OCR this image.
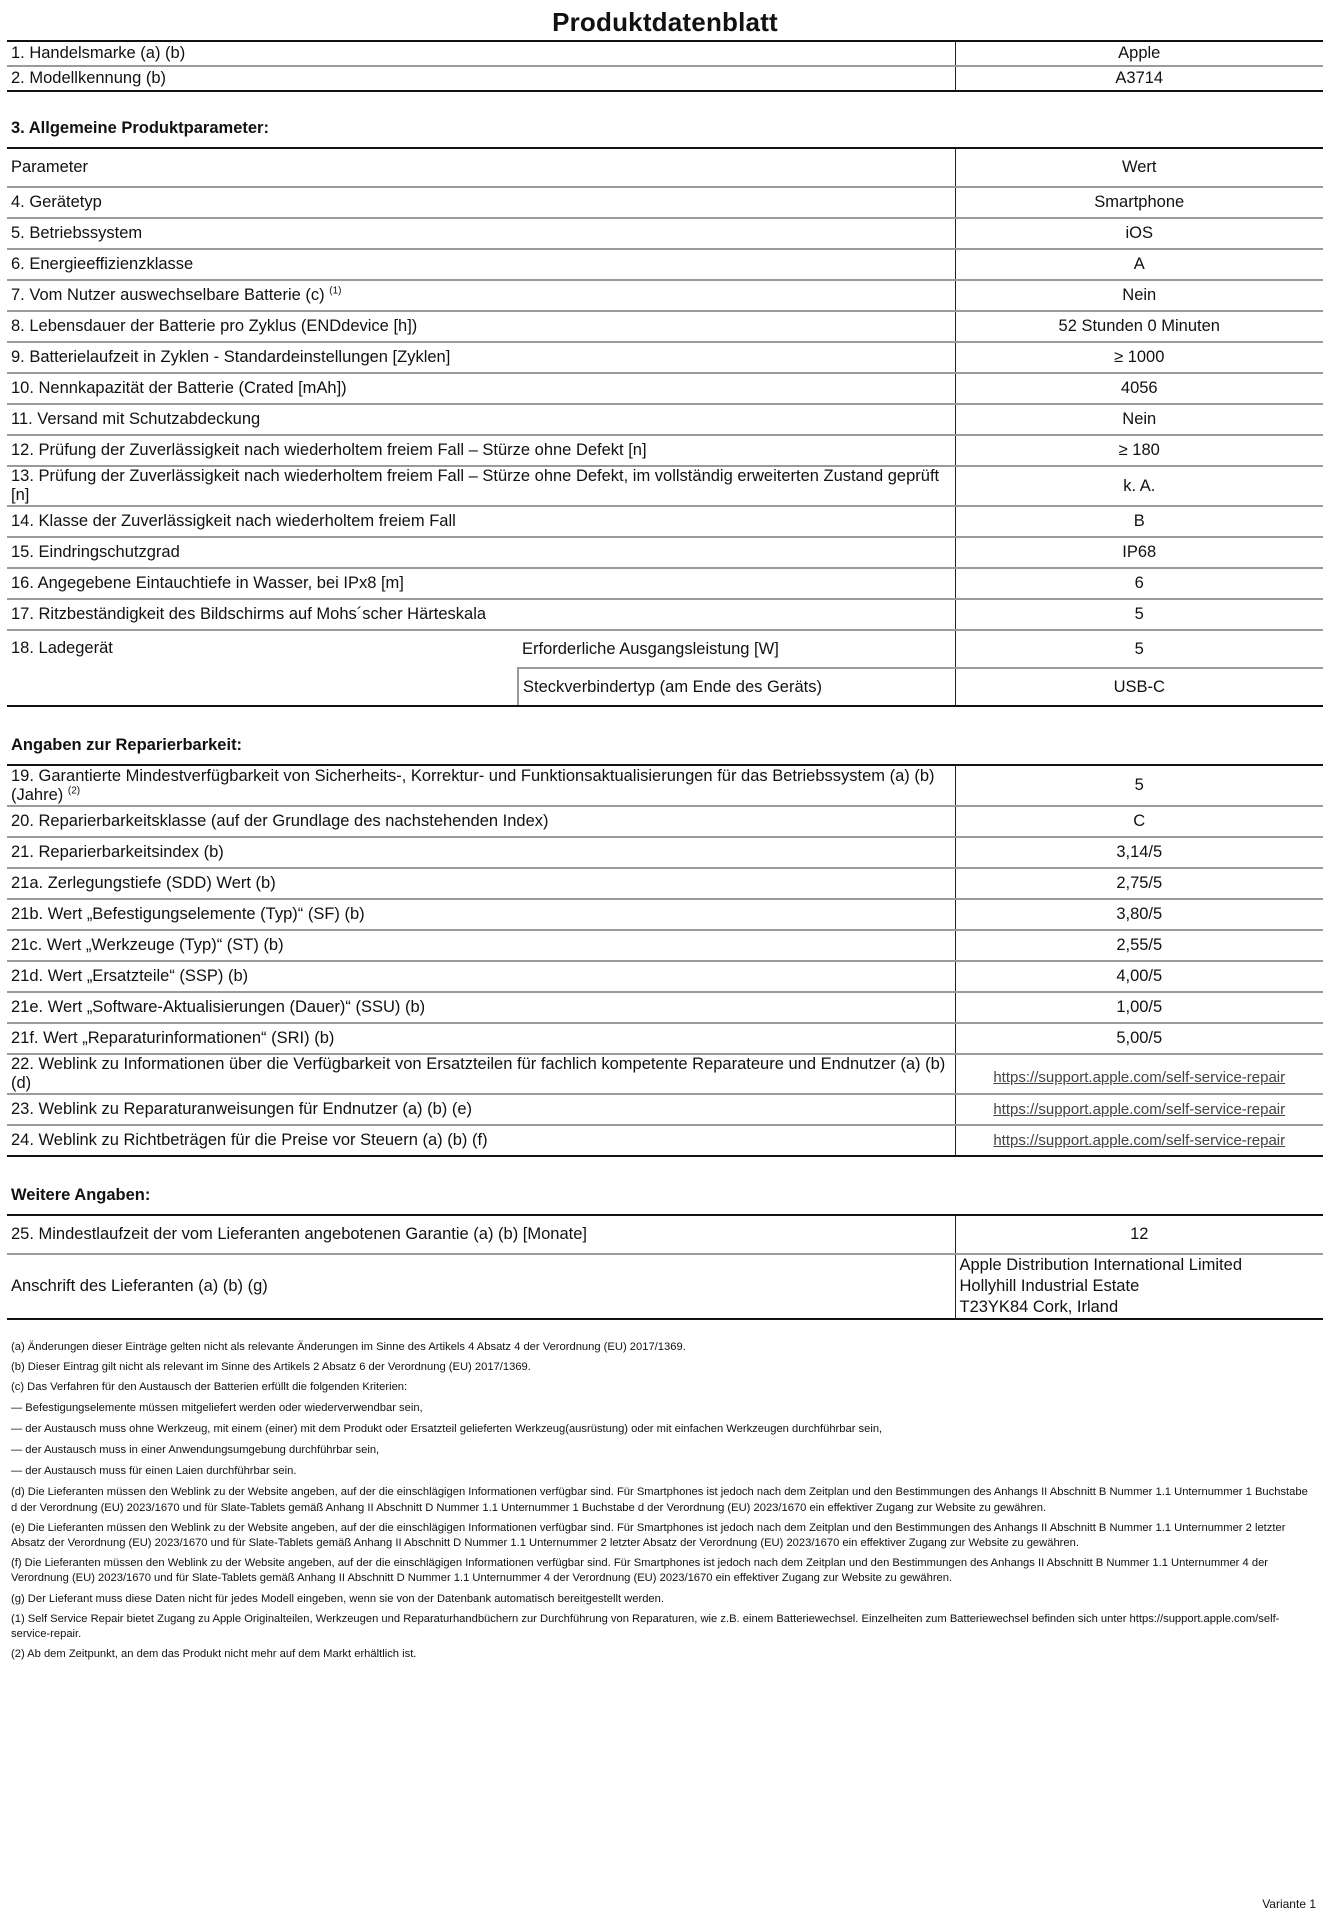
Produktdatenblatt
1. Handelsmarke (a) (b)	Apple
2. Modellkennung (b)	A3714
3. Allgemeine Produktparameter:
Parameter		Wert
4. Gerätetyp		Smartphone
5. Betriebssystem		iOS
6. Energieeffizienzklasse		A
7. Vom Nutzer auswechselbare Batterie (c) $^{(1)}$		Nein
8. Lebensdauer der Batterie pro Zyklus (ENDdevice [h])		52 Stunden 0 Minuten
9. Batterielaufzeit in Zyklen - Standardeinstellungen [Zyklen]		≥ 1000
10. Nennkapazität der Batterie (Crated [mAh])		4056
11. Versand mit Schutzabdeckung		Nein
12. Prüfung der Zuverlässigkeit nach wiederholtem freiem Fall – Stürze ohne Defekt [n]		≥ 180
13. Prüfung der Zuverlässigkeit nach wiederholtem freiem Fall – Stürze ohne Defekt, im vollständig erweiterten Zustand geprüft [n]		k. A.
14. Klasse der Zuverlässigkeit nach wiederholtem freiem Fall		B
15. Eindringschutzgrad		IP68
16. Angegebene Eintauchtiefe in Wasser, bei IPx8 [m]		6
17. Ritzbeständigkeit des Bildschirms auf Mohs´scher Härteskala		5
18. Ladegerät	Erforderliche Ausgangsleistung [W]	5
	Steckverbindertyp (am Ende des Geräts)	USB-C
Angaben zur Reparierbarkeit:
19. Garantierte Mindestverfügbarkeit von Sicherheits-, Korrektur- und Funktionsaktualisierungen für das Betriebssystem (a) (b) (Jahre) $^{(2)}$	5
20. Reparierbarkeitsklasse (auf der Grundlage des nachstehenden Index)	C
21. Reparierbarkeitsindex (b)	3,14/5
21a. Zerlegungstiefe (SDD) Wert (b)	2,75/5
21b. Wert „Befestigungselemente (Typ)“ (SF) (b)	3,80/5
21c. Wert „Werkzeuge (Typ)“ (ST) (b)	2,55/5
21d. Wert „Ersatzteile“ (SSP) (b)	4,00/5
21e. Wert „Software-Aktualisierungen (Dauer)“ (SSU) (b)	1,00/5
21f. Wert „Reparaturinformationen“ (SRI) (b)	5,00/5
22. Weblink zu Informationen über die Verfügbarkeit von Ersatzteilen für fachlich kompetente Reparateure und Endnutzer (a) (b) (d)	https://support.apple.com/self-service-repair
23. Weblink zu Reparaturanweisungen für Endnutzer (a) (b) (e)	https://support.apple.com/self-service-repair
24. Weblink zu Richtbeträgen für die Preise vor Steuern (a) (b) (f)	https://support.apple.com/self-service-repair
Weitere Angaben:
25. Mindestlaufzeit der vom Lieferanten angebotenen Garantie (a) (b) [Monate]	12
Anschrift des Lieferanten (a) (b) (g)	Apple Distribution International Limited
Hollyhill Industrial Estate
T23YK84 Cork, Irland

(a) Änderungen dieser Einträge gelten nicht als relevante Änderungen im Sinne des Artikels 4 Absatz 4 der Verordnung (EU) 2017/1369.

(b) Dieser Eintrag gilt nicht als relevant im Sinne des Artikels 2 Absatz 6 der Verordnung (EU) 2017/1369.

(c) Das Verfahren für den Austausch der Batterien erfüllt die folgenden Kriterien:

— Befestigungselemente müssen mitgeliefert werden oder wiederverwendbar sein,

— der Austausch muss ohne Werkzeug, mit einem (einer) mit dem Produkt oder Ersatzteil gelieferten Werkzeug(ausrüstung) oder mit einfachen Werkzeugen durchführbar sein,

— der Austausch muss in einer Anwendungsumgebung durchführbar sein,

— der Austausch muss für einen Laien durchführbar sein.

(d) Die Lieferanten müssen den Weblink zu der Website angeben, auf der die einschlägigen Informationen verfügbar sind. Für Smartphones ist jedoch nach dem Zeitplan und den Bestimmungen des Anhangs II Abschnitt B Nummer 1.1 Unternummer 1 Buchstabe d der Verordnung (EU) 2023/1670 und für Slate-Tablets gemäß Anhang II Abschnitt D Nummer 1.1 Unternummer 1 Buchstabe d der Verordnung (EU) 2023/1670 ein effektiver Zugang zur Website zu gewähren.

(e) Die Lieferanten müssen den Weblink zu der Website angeben, auf der die einschlägigen Informationen verfügbar sind. Für Smartphones ist jedoch nach dem Zeitplan und den Bestimmungen des Anhangs II Abschnitt B Nummer 1.1 Unternummer 2 letzter Absatz der Verordnung (EU) 2023/1670 und für Slate-Tablets gemäß Anhang II Abschnitt D Nummer 1.1 Unternummer 2 letzter Absatz der Verordnung (EU) 2023/1670 ein effektiver Zugang zur Website zu gewähren.

(f) Die Lieferanten müssen den Weblink zu der Website angeben, auf der die einschlägigen Informationen verfügbar sind. Für Smartphones ist jedoch nach dem Zeitplan und den Bestimmungen des Anhangs II Abschnitt B Nummer 1.1 Unternummer 4 der Verordnung (EU) 2023/1670 und für Slate-Tablets gemäß Anhang II Abschnitt D Nummer 1.1 Unternummer 4 der Verordnung (EU) 2023/1670 ein effektiver Zugang zur Website zu gewähren.

(g) Der Lieferant muss diese Daten nicht für jedes Modell eingeben, wenn sie von der Datenbank automatisch bereitgestellt werden.

(1) Self Service Repair bietet Zugang zu Apple Originalteilen, Werkzeugen und Reparaturhandbüchern zur Durchführung von Reparaturen, wie z.B. einem Batteriewechsel. Einzelheiten zum Batteriewechsel befinden sich unter https://support.apple.com/self-service-repair.

(2) Ab dem Zeitpunkt, an dem das Produkt nicht mehr auf dem Markt erhältlich ist.

Variante 1
